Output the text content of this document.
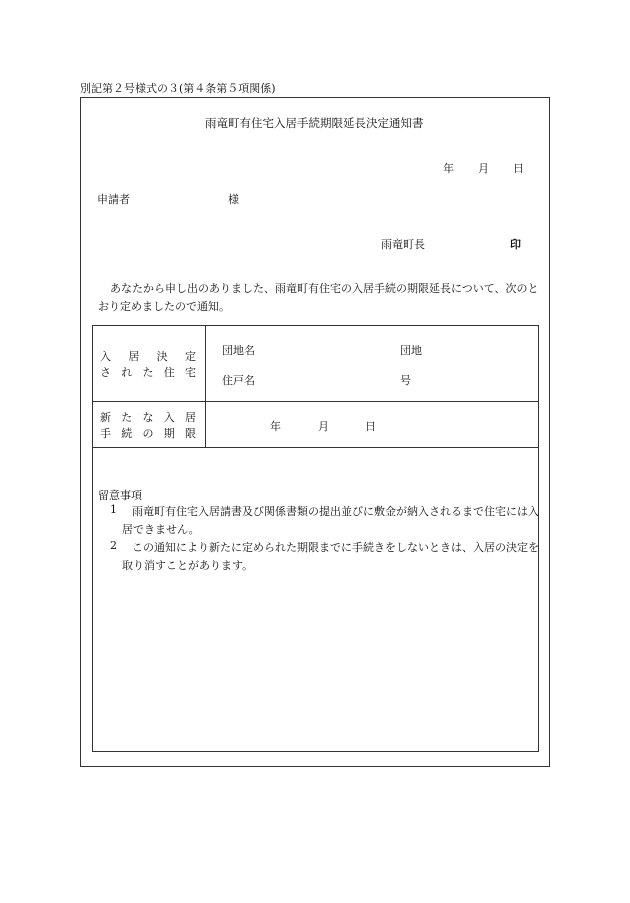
別記第２号様式の３(第４条第５項関係)
雨竜町有住宅入居手続期限延長決定通知書
年 月 日
申請者	様
雨竜町長	印
あなたから申し出のありました、雨竜町有住宅の入居手続の期限延長について、次のとおり定めましたので通知。
入 居 決 定
さ れ た 住 宅
団地名	団地
住戸名	号
新 た な 入 居
手 続 の 期 限
年	月	日
留意事項
1	雨竜町有住宅入居請書及び関係書類の提出並びに敷金が納入されるまで住宅には入居できません。
2	この通知により新たに定められた期限までに手続きをしないときは、入居の決定を取り消すことがあります。
